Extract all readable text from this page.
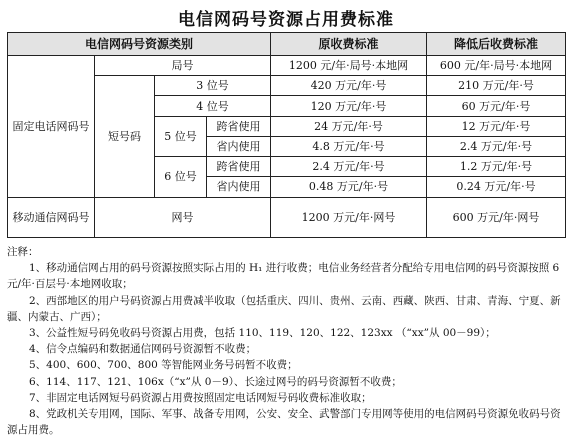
电信网码号资源占用费标准
电信网码号资源类别				原收费标准	降低后收费标准
固定电话网码号	局号			1200 元/年·局号·本地网	600 元/年·局号·本地网
	短号码	3 位号		420 万元/年·号	210 万元/年·号
		4 位号		120 万元/年·号	60 万元/年·号
		5 位号	跨省使用	24 万元/年·号	12 万元/年·号
			省内使用	4.8 万元/年·号	2.4 万元/年·号
		6 位号	跨省使用	2.4 万元/年·号	1.2 万元/年·号
			省内使用	0.48 万元/年·号	0.24 万元/年·号
移动通信网码号	网号			1200 万元/年·网号	600 万元/年·网号
注释：
1、移动通信网占用的码号资源按照实际占用的 H₁ 进行收费；电信业务经营者分配给专用电信网的码号资源按照 6 元/年·百层号·本地网收取；
2、西部地区的用户号码资源占用费减半收取（包括重庆、四川、贵州、云南、西藏、陕西、甘肃、青海、宁夏、新疆、内蒙古、广西）；
3、公益性短号码免收码号资源占用费，包括 110、119、120、122、123xx （“xx”从 00－99）；
4、信令点编码和数据通信网码号资源暂不收费；
5、400、600、700、800 等智能网业务号码暂不收费；
6、114、117、121、106x（“x”从 0－9）、长途过网号的码号资源暂不收费；
7、非固定电话网短号码资源占用费按照固定电话网短号码收费标准收取；
8、党政机关专用网，国际、军事、战备专用网，公安、安全、武警部门专用网等使用的电信网码号资源免收码号资源占用费。
